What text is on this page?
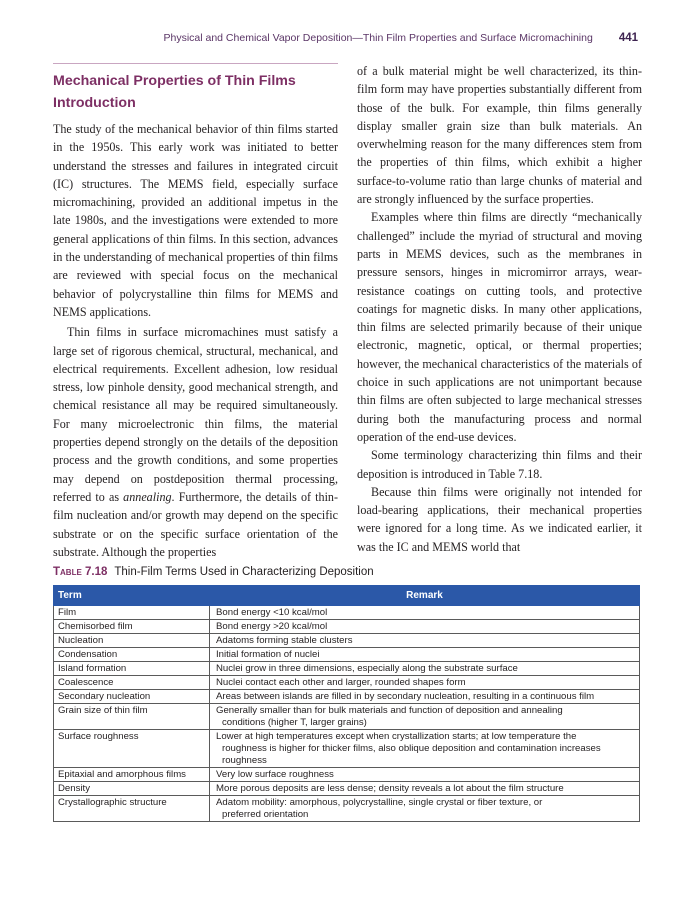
Physical and Chemical Vapor Deposition—Thin Film Properties and Surface Micromachining 441
Mechanical Properties of Thin Films
Introduction

The study of the mechanical behavior of thin films started in the 1950s. This early work was initiated to better understand the stresses and failures in integrated circuit (IC) structures. The MEMS field, especially surface micromachining, provided an additional impetus in the late 1980s, and the investigations were extended to more general applications of thin films. In this section, advances in the understanding of mechanical properties of thin films are reviewed with special focus on the mechanical behavior of polycrystalline thin films for MEMS and NEMS applications.

Thin films in surface micromachines must satisfy a large set of rigorous chemical, structural, mechanical, and electrical requirements. Excellent adhesion, low residual stress, low pinhole density, good mechanical strength, and chemical resistance all may be required simultaneously. For many microelectronic thin films, the material properties depend strongly on the details of the deposition process and the growth conditions, and some properties may depend on postdeposition thermal processing, referred to as annealing. Furthermore, the details of thin-film nucleation and/or growth may depend on the specific substrate or on the specific surface orientation of the substrate. Although the properties

of a bulk material might be well characterized, its thin-film form may have properties substantially different from those of the bulk. For example, thin films generally display smaller grain size than bulk materials. An overwhelming reason for the many differences stem from the properties of thin films, which exhibit a higher surface-to-volume ratio than large chunks of material and are strongly influenced by the surface properties.

Examples where thin films are directly “mechanically challenged” include the myriad of structural and moving parts in MEMS devices, such as the membranes in pressure sensors, hinges in micromirror arrays, wear-resistance coatings on cutting tools, and protective coatings for magnetic disks. In many other applications, thin films are selected primarily because of their unique electronic, magnetic, optical, or thermal properties; however, the mechanical characteristics of the materials of choice in such applications are not unimportant because thin films are often subjected to large mechanical stresses during both the manufacturing process and normal operation of the end-use devices.

Some terminology characterizing thin films and their deposition is introduced in Table 7.18.

Because thin films were originally not intended for load-bearing applications, their mechanical properties were ignored for a long time. As we indicated earlier, it was the IC and MEMS world that

Table 7.18 Thin-Film Terms Used in Characterizing Deposition
Term	Remark
Film	Bond energy <10 kcal/mol
Chemisorbed film	Bond energy >20 kcal/mol
Nucleation	Adatoms forming stable clusters
Condensation	Initial formation of nuclei
Island formation	Nuclei grow in three dimensions, especially along the substrate surface
Coalescence	Nuclei contact each other and larger, rounded shapes form
Secondary nucleation	Areas between islands are filled in by secondary nucleation, resulting in a continuous film
Grain size of thin film	Generally smaller than for bulk materials and function of deposition and annealing
conditions (higher T, larger grains)

Surface roughness	Lower at high temperatures except when crystallization starts; at low temperature the
roughness is higher for thicker films, also oblique deposition and contamination increases roughness

Epitaxial and amorphous films	Very low surface roughness
Density	More porous deposits are less dense; density reveals a lot about the film structure
Crystallographic structure	Adatom mobility: amorphous, polycrystalline, single crystal or fiber texture, or
preferred orientation
